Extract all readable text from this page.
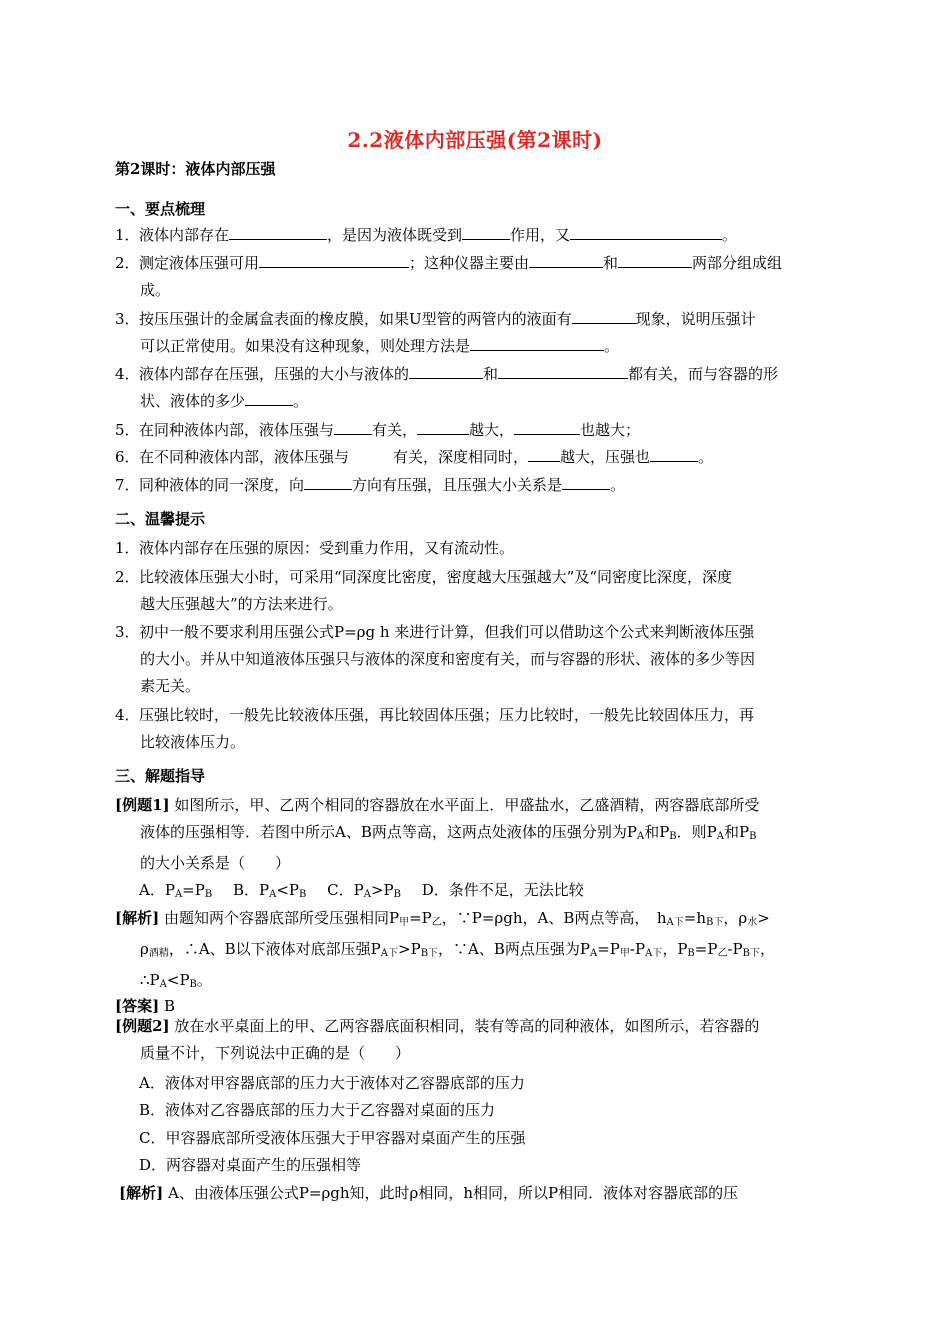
2.2液体内部压强(第2课时)
第2课时：液体内部压强
一、要点梳理
1．液体内部存在	，是因为液体既受到	作用，又	。
2．测定液体压强可用	；这种仪器主要由	和	两部分组成组
成。
3．按压压强计的金属盒表面的橡皮膜，如果U型管的两管内的液面有	现象，说明压强计
可以正常使用。如果没有这种现象，则处理方法是	。
4．液体内部存在压强，压强的大小与液体的	和	都有关，而与容器的形
状、液体的多少	。
5．在同种液体内部，液体压强与	有关，	越大，	也越大；
6．在不同种液体内部，液体压强与	有关，深度相同时， 越大，压强也	。
7．同种液体的同一深度，向	方向有压强，且压强大小关系是	。
二、温馨提示
1．液体内部存在压强的原因：受到重力作用，又有流动性。
2．比较液体压强大小时，可采用“同深度比密度，密度越大压强越大”及“同密度比深度，深度
越大压强越大”的方法来进行。
3．初中一般不要求利用压强公式P=ρg h 来进行计算，但我们可以借助这个公式来判断液体压强
的大小。并从中知道液体压强只与液体的深度和密度有关，而与容器的形状、液体的多少等因
素无关。
4．压强比较时，一般先比较液体压强，再比较固体压强；压力比较时，一般先比较固体压力，再
比较液体压力。
三、解题指导
[例题1] 如图所示，甲、乙两个相同的容器放在水平面上．甲盛盐水，乙盛酒精，两容器底部所受
液体的压强相等．若图中所示A、B两点等高，这两点处液体的压强分别为$P_A$和$P_B$．则$P_A$和$P_B$
的大小关系是（　　）
A．$P_A=P_B$ B．$P_A<P_B$ C．$P_A>P_B$ D．条件不足，无法比较
[解析] 由题知两个容器底部所受压强相同$P_甲=P_乙$，∵P=ρgh，A、B两点等高，　$h_{A下}=h_{B下}$，$\rho_水>$
$\rho_{酒精}$，∴A、B以下液体对底部压强$P_{A下}>P_{B下}$，∵A、B两点压强为$P_A=P_甲-P_{A下}$，$P_B=P_乙-P_{B下}$，
$\therefore P_A<P_B$。
[答案] B
[例题2] 放在水平桌面上的甲、乙两容器底面积相同，装有等高的同种液体，如图所示，若容器的
质量不计，下列说法中正确的是（　　）
A．液体对甲容器底部的压力大于液体对乙容器底部的压力
B．液体对乙容器底部的压力大于乙容器对桌面的压力
C．甲容器底部所受液体压强大于甲容器对桌面产生的压强
D．两容器对桌面产生的压强相等
[解析] A、由液体压强公式P=ρgh知，此时ρ相同，h相同，所以P相同．液体对容器底部的压
